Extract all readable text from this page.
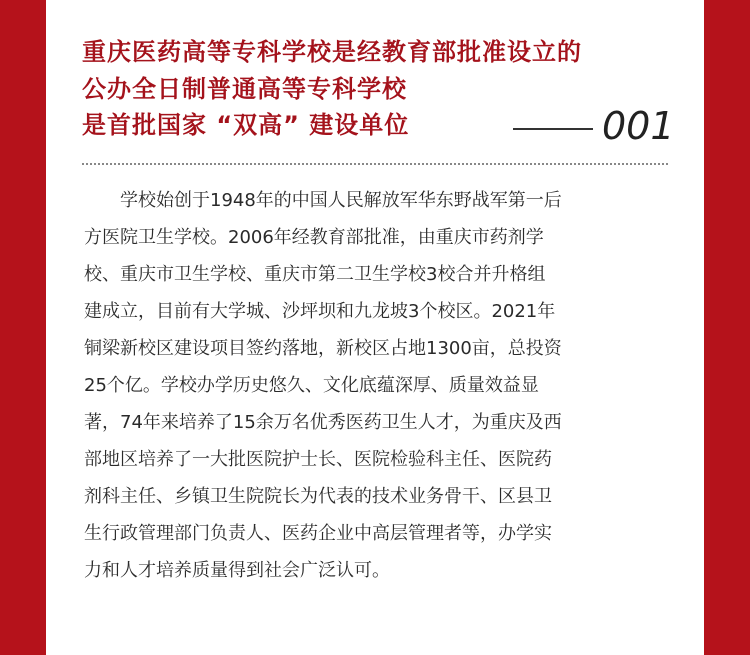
重庆医药高等专科学校是经教育部批准设立的
公办全日制普通高等专科学校
是首批国家 “双高” 建设单位	001
　　学校始创于1948年的中国人民解放军华东野战军第一后
方医院卫生学校。2006年经教育部批准，由重庆市药剂学
校、重庆市卫生学校、重庆市第二卫生学校3校合并升格组
建成立，目前有大学城、沙坪坝和九龙坡3个校区。2021年
铜梁新校区建设项目签约落地，新校区占地1300亩，总投资
25个亿。学校办学历史悠久、文化底蕴深厚、质量效益显
著，74年来培养了15余万名优秀医药卫生人才，为重庆及西
部地区培养了一大批医院护士长、医院检验科主任、医院药
剂科主任、乡镇卫生院院长为代表的技术业务骨干、区县卫
生行政管理部门负责人、医药企业中高层管理者等，办学实
力和人才培养质量得到社会广泛认可。
